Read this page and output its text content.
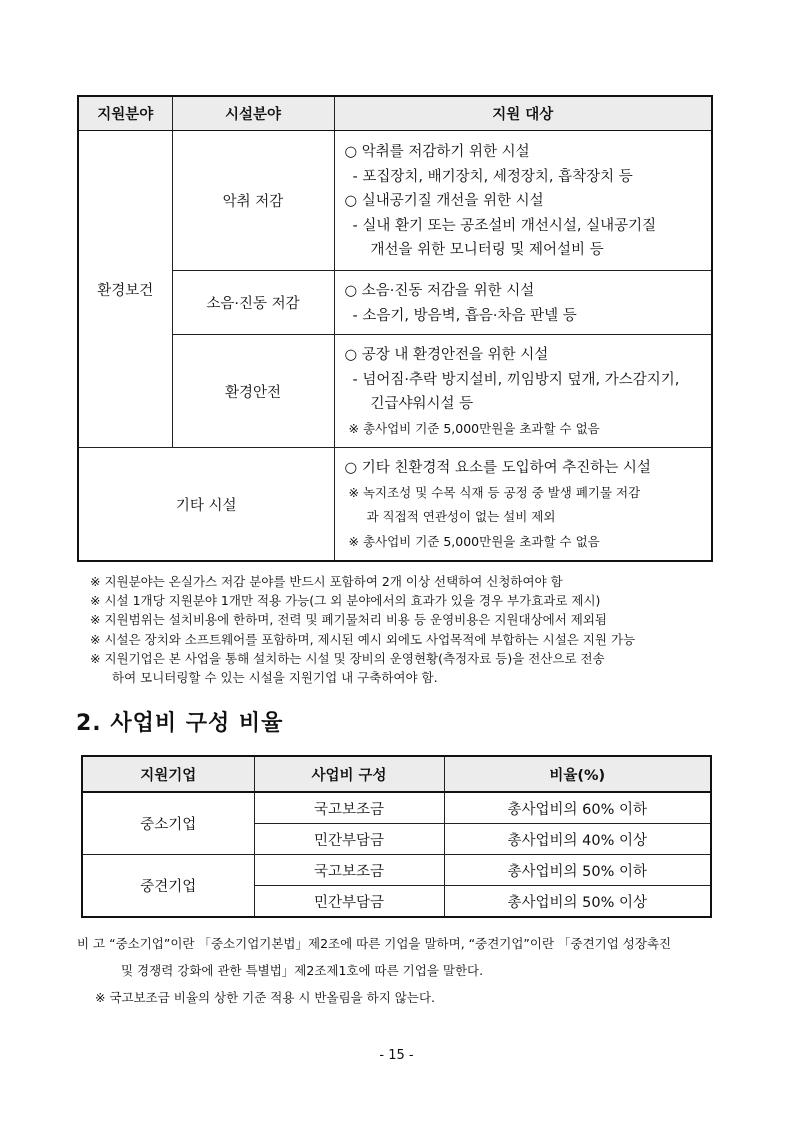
지원분야	시설분야	지원 대상
환경보건	악취 저감	○ 악취를 저감하기 위한 시설
- 포집장치, 배기장치, 세정장치, 흡착장치 등
○ 실내공기질 개선을 위한 시설
- 실내 환기 또는 공조설비 개선시설, 실내공기질
개선을 위한 모니터링 및 제어설비 등

	소음·진동 저감	○ 소음·진동 저감을 위한 시설
- 소음기, 방음벽, 흡음·차음 판넬 등

	환경안전	○ 공장 내 환경안전을 위한 시설
- 넘어짐·추락 방지설비, 끼임방지 덮개, 가스감지기,
긴급샤워시설 등
※ 총사업비 기준 5,000만원을 초과할 수 없음

기타 시설		○ 기타 친환경적 요소를 도입하여 추진하는 시설
※ 녹지조성 및 수목 식재 등 공정 중 발생 폐기물 저감
과 직접적 연관성이 없는 설비 제외
※ 총사업비 기준 5,000만원을 초과할 수 없음
※ 지원분야는 온실가스 저감 분야를 반드시 포함하여 2개 이상 선택하여 신청하여야 함
※ 시설 1개당 지원분야 1개만 적용 가능(그 외 분야에서의 효과가 있을 경우 부가효과로 제시)
※ 지원범위는 설치비용에 한하며, 전력 및 폐기물처리 비용 등 운영비용은 지원대상에서 제외됨
※ 시설은 장치와 소프트웨어를 포함하며, 제시된 예시 외에도 사업목적에 부합하는 시설은 지원 가능
※ 지원기업은 본 사업을 통해 설치하는 시설 및 장비의 운영현황(측정자료 등)을 전산으로 전송
하여 모니터링할 수 있는 시설을 지원기업 내 구축하여야 함.
2. 사업비 구성 비율
지원기업	사업비 구성	비율(%)
중소기업	국고보조금	총사업비의 60% 이하
	민간부담금	총사업비의 40% 이상
중견기업	국고보조금	총사업비의 50% 이하
	민간부담금	총사업비의 50% 이상
비 고 “중소기업”이란 「중소기업기본법」제2조에 따른 기업을 말하며, “중견기업”이란 「중견기업 성장촉진
및 경쟁력 강화에 관한 특별법」제2조제1호에 따른 기업을 말한다.
※ 국고보조금 비율의 상한 기준 적용 시 반올림을 하지 않는다.
- 15 -
